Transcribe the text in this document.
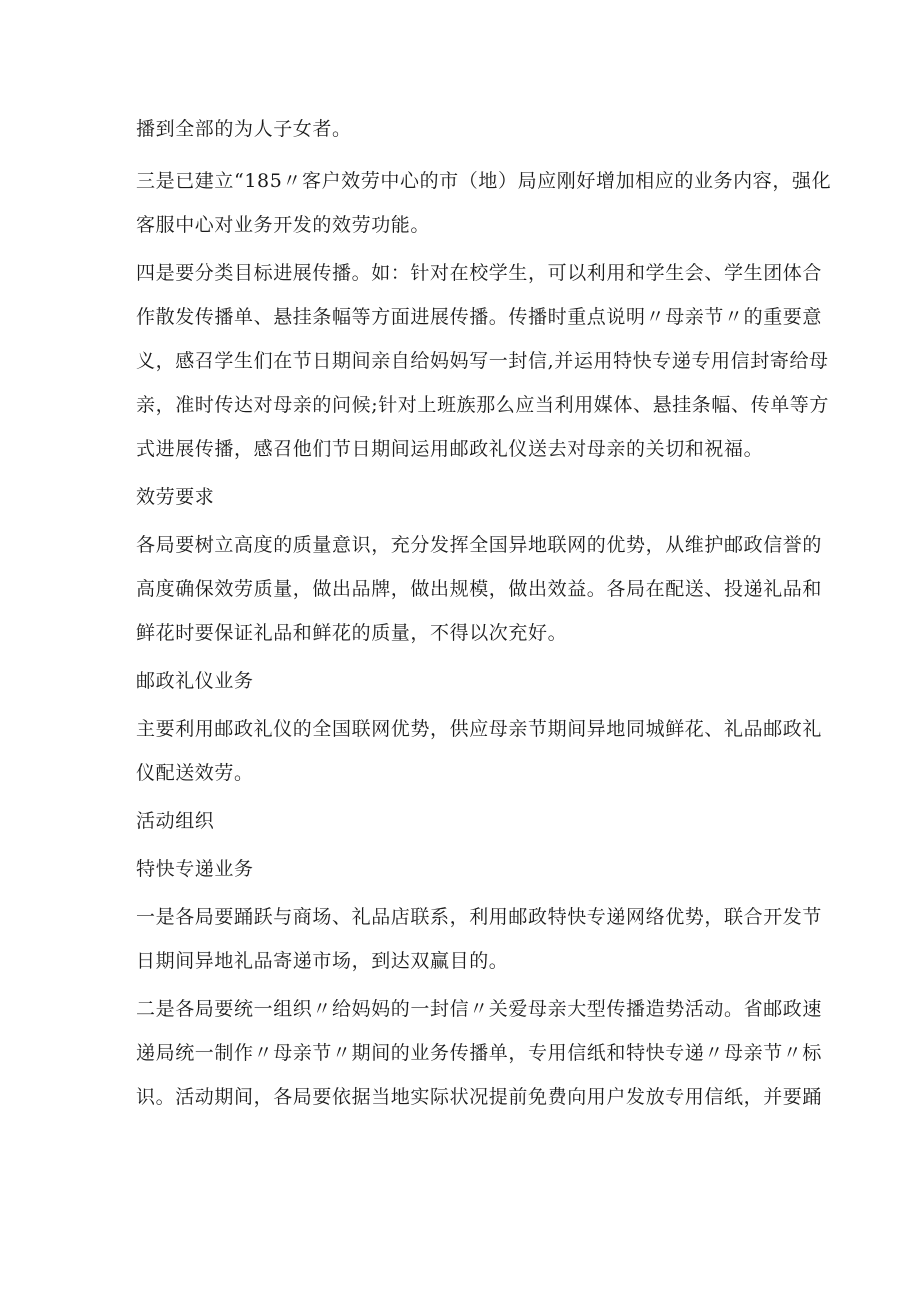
播到全部的为人子女者。
三是已建立“185〃客户效劳中心的市（地）局应刚好增加相应的业务内容，强化
客服中心对业务开发的效劳功能。
四是要分类目标进展传播。如：针对在校学生，可以利用和学生会、学生团体合
作散发传播单、悬挂条幅等方面进展传播。传播时重点说明〃母亲节〃的重要意
义，感召学生们在节日期间亲自给妈妈写一封信,并运用特快专递专用信封寄给母
亲，准时传达对母亲的问候;针对上班族那么应当利用媒体、悬挂条幅、传单等方
式进展传播，感召他们节日期间运用邮政礼仪送去对母亲的关切和祝福。
效劳要求
各局要树立高度的质量意识，充分发挥全国异地联网的优势，从维护邮政信誉的
高度确保效劳质量，做出品牌，做出规模，做出效益。各局在配送、投递礼品和
鲜花时要保证礼品和鲜花的质量，不得以次充好。
邮政礼仪业务
主要利用邮政礼仪的全国联网优势，供应母亲节期间异地同城鲜花、礼品邮政礼
仪配送效劳。
活动组织
特快专递业务
一是各局要踊跃与商场、礼品店联系，利用邮政特快专递网络优势，联合开发节
日期间异地礼品寄递市场，到达双赢目的。
二是各局要统一组织〃给妈妈的一封信〃关爱母亲大型传播造势活动。省邮政速
递局统一制作〃母亲节〃期间的业务传播单，专用信纸和特快专递〃母亲节〃标
识。活动期间，各局要依据当地实际状况提前免费向用户发放专用信纸，并要踊
